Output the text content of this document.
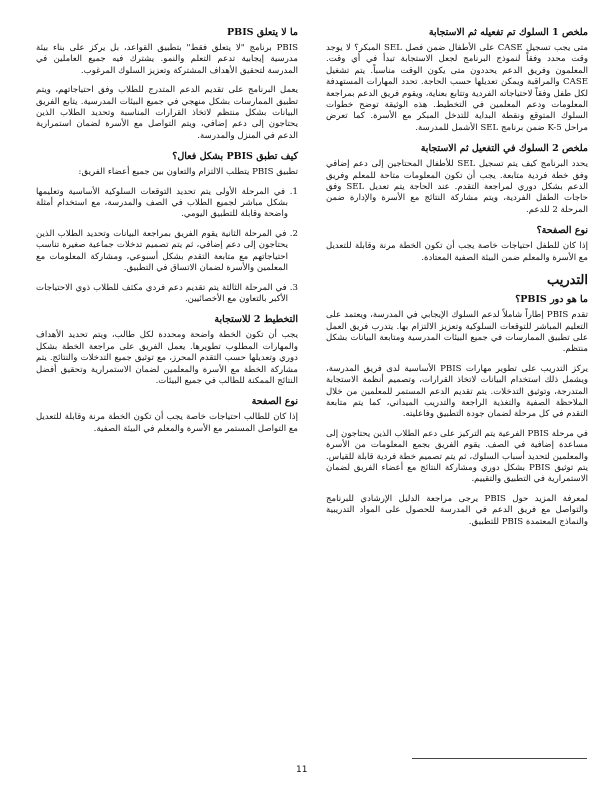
ملخص 1 السلوك تم تفعيله ثم الاستجابة
متى يجب تسجيل CASE على الأطفال ضمن فصل SEL المبكر؟ لا يوجد وقت محدد وفقاً لنموذج البرنامج لجعل الاستجابة تبدأ في أي وقت. المعلمون وفريق الدعم يحددون متى يكون الوقت مناسباً. يتم تشغيل CASE والمراقبة ويمكن تعديلها حسب الحاجة. تحدد المهارات المستهدفة لكل طفل وفقاً لاحتياجاته الفردية وتتابع بعناية، ويقوم فريق الدعم بمراجعة المعلومات ودعم المعلمين في التخطيط. هذه الوثيقة توضح خطوات السلوك المتوقع ونقطة البداية للتدخل المبكر مع الأسرة. كما تعرض مراحل K-5 ضمن برنامج SEL الأشمل للمدرسة.
ملخص 2 السلوك في التفعيل ثم الاستجابة
يحدد البرنامج كيف يتم تسجيل SEL للأطفال المحتاجين إلى دعم إضافي وفق خطة فردية متابعة. يجب أن تكون المعلومات متاحة للمعلم وفريق الدعم بشكل دوري لمراجعة التقدم. عند الحاجة يتم تعديل SEL وفق حاجات الطفل الفردية، ويتم مشاركة النتائج مع الأسرة والإدارة ضمن المرحلة 2 للدعم.
نوع الصفحة؟
إذا كان للطفل احتياجات خاصة يجب أن تكون الخطة مرنة وقابلة للتعديل مع الأسرة والمعلم ضمن البيئة الصفية المعتادة.
التدريب
ما هو دور PBIS؟
تقدم PBIS إطاراً شاملاً لدعم السلوك الإيجابي في المدرسة، ويعتمد على التعليم المباشر للتوقعات السلوكية وتعزيز الالتزام بها. يتدرب فريق العمل على تطبيق الممارسات في جميع البيئات المدرسية ومتابعة البيانات بشكل منتظم.
يركز التدريب على تطوير مهارات PBIS الأساسية لدى فريق المدرسة، ويشمل ذلك استخدام البيانات لاتخاذ القرارات، وتصميم أنظمة الاستجابة المتدرجة، وتوثيق التدخلات. يتم تقديم الدعم المستمر للمعلمين من خلال الملاحظة الصفية والتغذية الراجعة والتدريب الميداني، كما يتم متابعة التقدم في كل مرحلة لضمان جودة التطبيق وفاعليته.
في مرحلة PBIS الفرعية يتم التركيز على دعم الطلاب الذين يحتاجون إلى مساعدة إضافية في الصف. يقوم الفريق بجمع المعلومات من الأسرة والمعلمين لتحديد أسباب السلوك، ثم يتم تصميم خطة فردية قابلة للقياس. يتم توثيق PBIS بشكل دوري ومشاركة النتائج مع أعضاء الفريق لضمان الاستمرارية في التطبيق والتقييم.
لمعرفة المزيد حول PBIS يرجى مراجعة الدليل الإرشادي للبرنامج والتواصل مع فريق الدعم في المدرسة للحصول على المواد التدريبية والنماذج المعتمدة PBIS للتطبيق.
ما لا يتعلق PBIS
PBIS برنامج "لا يتعلق فقط" بتطبيق القواعد، بل يركز على بناء بيئة مدرسية إيجابية تدعم التعلم والنمو. يشترك فيه جميع العاملين في المدرسة لتحقيق الأهداف المشتركة وتعزيز السلوك المرغوب.
يعمل البرنامج على تقديم الدعم المتدرج للطلاب وفق احتياجاتهم، ويتم تطبيق الممارسات بشكل منهجي في جميع البيئات المدرسية. يتابع الفريق البيانات بشكل منتظم لاتخاذ القرارات المناسبة وتحديد الطلاب الذين يحتاجون إلى دعم إضافي، ويتم التواصل مع الأسرة لضمان استمرارية الدعم في المنزل والمدرسة.
كيف تطبق PBIS بشكل فعال؟
تطبيق PBIS يتطلب الالتزام والتعاون بين جميع أعضاء الفريق:
1. في المرحلة الأولى يتم تحديد التوقعات السلوكية الأساسية وتعليمها بشكل مباشر لجميع الطلاب في الصف والمدرسة، مع استخدام أمثلة واضحة وقابلة للتطبيق اليومي.
2. في المرحلة الثانية يقوم الفريق بمراجعة البيانات وتحديد الطلاب الذين يحتاجون إلى دعم إضافي، ثم يتم تصميم تدخلات جماعية صغيرة تناسب احتياجاتهم مع متابعة التقدم بشكل أسبوعي، ومشاركة المعلومات مع المعلمين والأسرة لضمان الاتساق في التطبيق.
3. في المرحلة الثالثة يتم تقديم دعم فردي مكثف للطلاب ذوي الاحتياجات الأكبر بالتعاون مع الأخصائيين.
التخطيط 2 للاستجابة
يجب أن تكون الخطة واضحة ومحددة لكل طالب، ويتم تحديد الأهداف والمهارات المطلوب تطويرها. يعمل الفريق على مراجعة الخطة بشكل دوري وتعديلها حسب التقدم المحرز، مع توثيق جميع التدخلات والنتائج. يتم مشاركة الخطة مع الأسرة والمعلمين لضمان الاستمرارية وتحقيق أفضل النتائج الممكنة للطالب في جميع البيئات.
نوع الصفحة
إذا كان للطالب احتياجات خاصة يجب أن تكون الخطة مرنة وقابلة للتعديل مع التواصل المستمر مع الأسرة والمعلم في البيئة الصفية.
11
